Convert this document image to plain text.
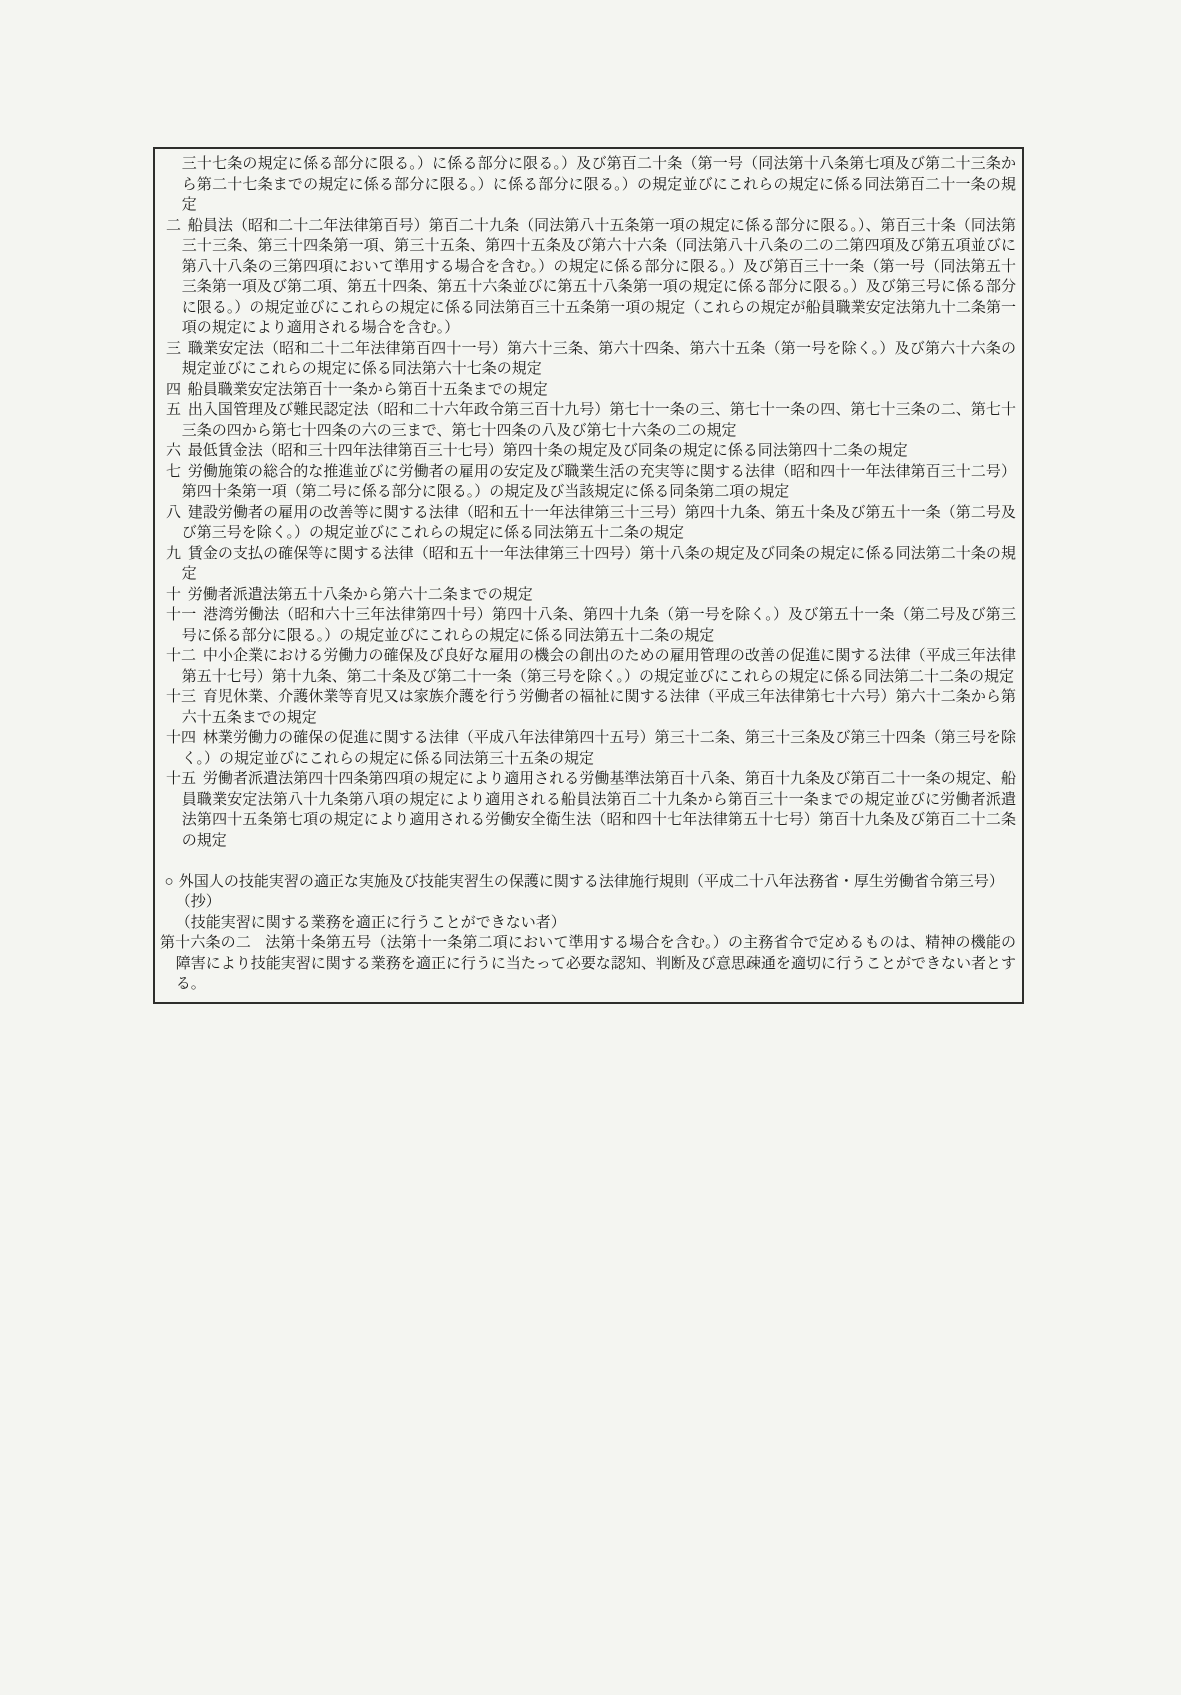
三十七条の規定に係る部分に限る。）に係る部分に限る。）及び第百二十条（第一号（同法第十八条第七項及び第二十三条から第二十七条までの規定に係る部分に限る。）に係る部分に限る。）の規定並びにこれらの規定に係る同法第百二十一条の規定

二 船員法（昭和二十二年法律第百号）第百二十九条（同法第八十五条第一項の規定に係る部分に限る。）、第百三十条（同法第三十三条、第三十四条第一項、第三十五条、第四十五条及び第六十六条（同法第八十八条の二の二第四項及び第五項並びに第八十八条の三第四項において準用する場合を含む。）の規定に係る部分に限る。）及び第百三十一条（第一号（同法第五十三条第一項及び第二項、第五十四条、第五十六条並びに第五十八条第一項の規定に係る部分に限る。）及び第三号に係る部分に限る。）の規定並びにこれらの規定に係る同法第百三十五条第一項の規定（これらの規定が船員職業安定法第九十二条第一項の規定により適用される場合を含む。）

三 職業安定法（昭和二十二年法律第百四十一号）第六十三条、第六十四条、第六十五条（第一号を除く。）及び第六十六条の規定並びにこれらの規定に係る同法第六十七条の規定

四 船員職業安定法第百十一条から第百十五条までの規定

五 出入国管理及び難民認定法（昭和二十六年政令第三百十九号）第七十一条の三、第七十一条の四、第七十三条の二、第七十三条の四から第七十四条の六の三まで、第七十四条の八及び第七十六条の二の規定

六 最低賃金法（昭和三十四年法律第百三十七号）第四十条の規定及び同条の規定に係る同法第四十二条の規定

七 労働施策の総合的な推進並びに労働者の雇用の安定及び職業生活の充実等に関する法律（昭和四十一年法律第百三十二号）第四十条第一項（第二号に係る部分に限る。）の規定及び当該規定に係る同条第二項の規定

八 建設労働者の雇用の改善等に関する法律（昭和五十一年法律第三十三号）第四十九条、第五十条及び第五十一条（第二号及び第三号を除く。）の規定並びにこれらの規定に係る同法第五十二条の規定

九 賃金の支払の確保等に関する法律（昭和五十一年法律第三十四号）第十八条の規定及び同条の規定に係る同法第二十条の規定

十 労働者派遣法第五十八条から第六十二条までの規定

十一 港湾労働法（昭和六十三年法律第四十号）第四十八条、第四十九条（第一号を除く。）及び第五十一条（第二号及び第三号に係る部分に限る。）の規定並びにこれらの規定に係る同法第五十二条の規定

十二 中小企業における労働力の確保及び良好な雇用の機会の創出のための雇用管理の改善の促進に関する法律（平成三年法律第五十七号）第十九条、第二十条及び第二十一条（第三号を除く。）の規定並びにこれらの規定に係る同法第二十二条の規定

十三 育児休業、介護休業等育児又は家族介護を行う労働者の福祉に関する法律（平成三年法律第七十六号）第六十二条から第六十五条までの規定

十四 林業労働力の確保の促進に関する法律（平成八年法律第四十五号）第三十二条、第三十三条及び第三十四条（第三号を除く。）の規定並びにこれらの規定に係る同法第三十五条の規定

十五 労働者派遣法第四十四条第四項の規定により適用される労働基準法第百十八条、第百十九条及び第百二十一条の規定、船員職業安定法第八十九条第八項の規定により適用される船員法第百二十九条から第百三十一条までの規定並びに労働者派遣法第四十五条第七項の規定により適用される労働安全衛生法（昭和四十七年法律第五十七号）第百十九条及び第百二十二条の規定

○ 外国人の技能実習の適正な実施及び技能実習生の保護に関する法律施行規則（平成二十八年法務省・厚生労働省令第三号）

（抄）

（技能実習に関する業務を適正に行うことができない者）

第十六条の二 法第十条第五号（法第十一条第二項において準用する場合を含む。）の主務省令で定めるものは、精神の機能の障害により技能実習に関する業務を適正に行うに当たって必要な認知、判断及び意思疎通を適切に行うことができない者とする。
